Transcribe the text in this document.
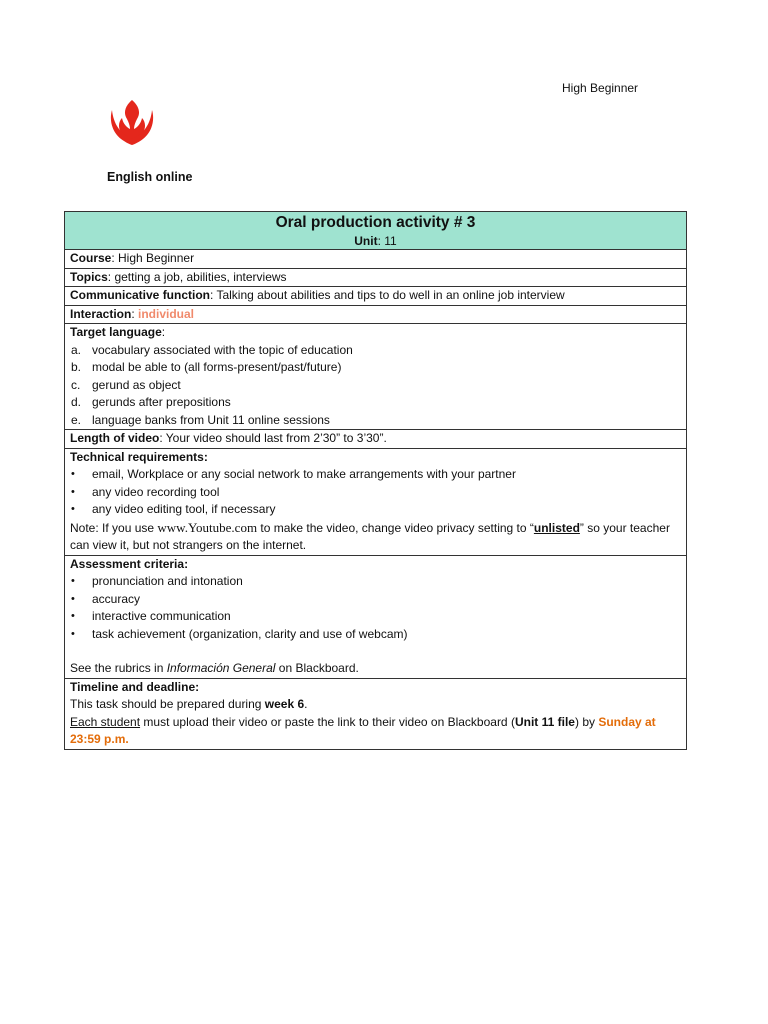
High Beginner
English online
Oral production activity # 3
Unit: 11

Course: High Beginner
Topics: getting a job, abilities, interviews
Communicative function: Talking about abilities and tips to do well in an online job interview
Interaction: individual

Target language:
a. vocabulary associated with the topic of education
b. modal be able to (all forms-present/past/future)
c. gerund as object
d. gerunds after prepositions
e. language banks from Unit 11 online sessions

Length of video: Your video should last from 2’30” to 3’30”.

Technical requirements:
• email, Workplace or any social network to make arrangements with your partner
• any video recording tool
• any video editing tool, if necessary
Note: If you use www.Youtube.com to make the video, change video privacy setting to “unlisted” so your teacher can view it, but not strangers on the internet.

Assessment criteria:
• pronunciation and intonation
• accuracy
• interactive communication
• task achievement (organization, clarity and use of webcam)
See the rubrics in Información General on Blackboard.

Timeline and deadline:
This task should be prepared during week 6.
Each student must upload their video or paste the link to their video on Blackboard (Unit 11 file) by Sunday at 23:59 p.m.
